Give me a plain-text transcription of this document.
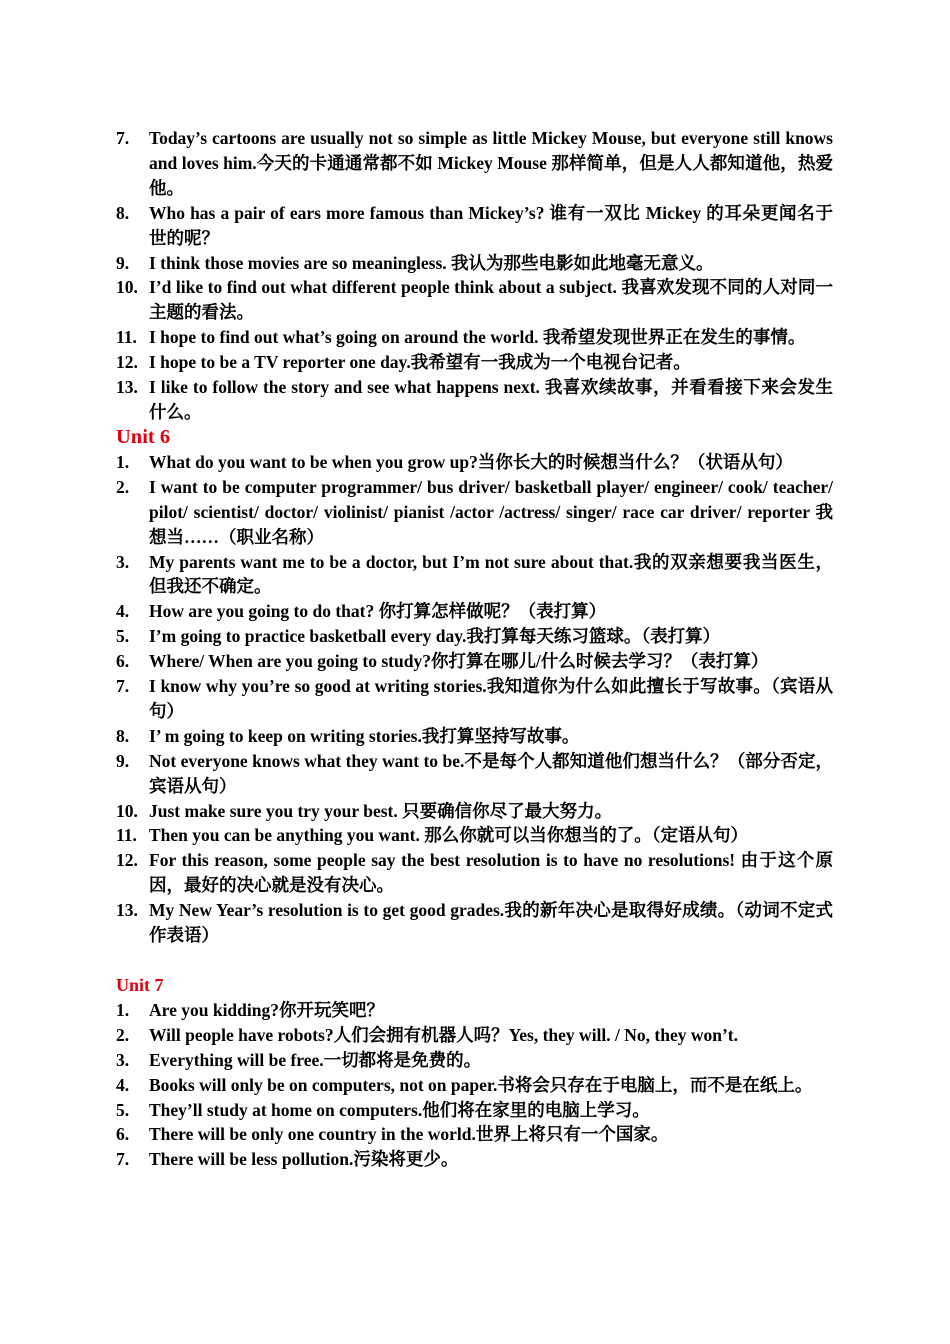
7.	Today’s cartoons are usually not so simple as little Mickey Mouse, but everyone still knows and loves him.今天的卡通通常都不如 Mickey Mouse 那样简单，但是人人都知道他，热爱他。
8.	Who has a pair of ears more famous than Mickey’s? 谁有一双比 Mickey 的耳朵更闻名于世的呢？
9.	I think those movies are so meaningless. 我认为那些电影如此地毫无意义。
10. I’d like to find out what different people think about a subject. 我喜欢发现不同的人对同一主题的看法。
11. I hope to find out what’s going on around the world. 我希望发现世界正在发生的事情。
12. I hope to be a TV reporter one day.我希望有一我成为一个电视台记者。
13. I like to follow the story and see what happens next. 我喜欢续故事，并看看接下来会发生什么。
Unit 6
1.	What do you want to be when you grow up?当你长大的时候想当什么？（状语从句）
2.	I want to be computer programmer/ bus driver/ basketball player/ engineer/ cook/ teacher/ pilot/ scientist/ doctor/ violinist/ pianist /actor /actress/ singer/ race car driver/ reporter 我想当……（职业名称）
3.	My parents want me to be a doctor, but I’m not sure about that.我的双亲想要我当医生，但我还不确定。
4.	How are you going to do that? 你打算怎样做呢？（表打算）
5.	I’m going to practice basketball every day.我打算每天练习篮球。（表打算）
6.	Where/ When are you going to study?你打算在哪儿/什么时候去学习？（表打算）
7.	I know why you’re so good at writing stories.我知道你为什么如此擅长于写故事。（宾语从句）
8.	I’ m going to keep on writing stories.我打算坚持写故事。
9.	Not everyone knows what they want to be.不是每个人都知道他们想当什么？（部分否定，宾语从句）
10. Just make sure you try your best. 只要确信你尽了最大努力。
11. Then you can be anything you want. 那么你就可以当你想当的了。（定语从句）
12. For this reason, some people say the best resolution is to have no resolutions! 由于这个原因，最好的决心就是没有决心。
13. My New Year’s resolution is to get good grades.我的新年决心是取得好成绩。（动词不定式作表语）
Unit 7
1.	Are you kidding?你开玩笑吧？
2.	Will people have robots?人们会拥有机器人吗？Yes, they will. / No, they won’t.
3.	Everything will be free.一切都将是免费的。
4.	Books will only be on computers, not on paper.书将会只存在于电脑上，而不是在纸上。
5.	They’ll study at home on computers.他们将在家里的电脑上学习。
6.	There will be only one country in the world.世界上将只有一个国家。
7.	There will be less pollution.污染将更少。
